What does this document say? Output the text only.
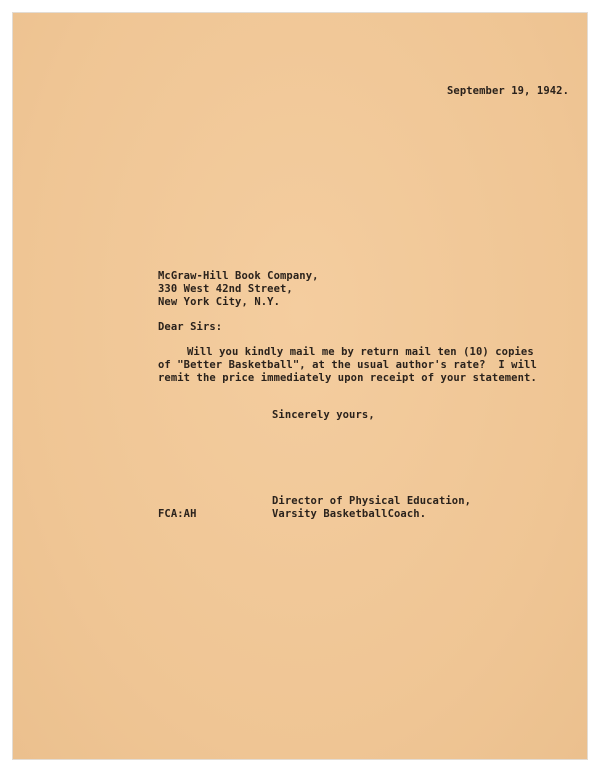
September 19, 1942.
McGraw-Hill Book Company,
330 West 42nd Street,
New York City, N.Y.
Dear Sirs:
Will you kindly mail me by return mail ten (10) copies
of "Better Basketball", at the usual author's rate?  I will
remit the price immediately upon receipt of your statement.
Sincerely yours,
Director of Physical Education,
Varsity BasketballCoach.
FCA:AH
